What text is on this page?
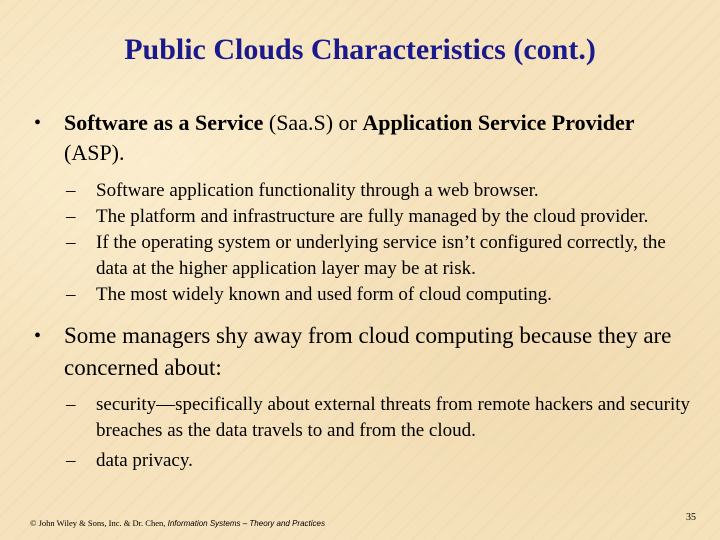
Public Clouds Characteristics (cont.)
• Software as a Service (Saa.S) or Application Service Provider (ASP).
– Software application functionality through a web browser.
– The platform and infrastructure are fully managed by the cloud provider.
– If the operating system or underlying service isn’t configured correctly, the data at the higher application layer may be at risk.
– The most widely known and used form of cloud computing.
• Some managers shy away from cloud computing because they are concerned about:
– security—specifically about external threats from remote hackers and security breaches as the data travels to and from the cloud.
– data privacy.
© John Wiley & Sons, Inc. & Dr. Chen, Information Systems – Theory and Practices
35
